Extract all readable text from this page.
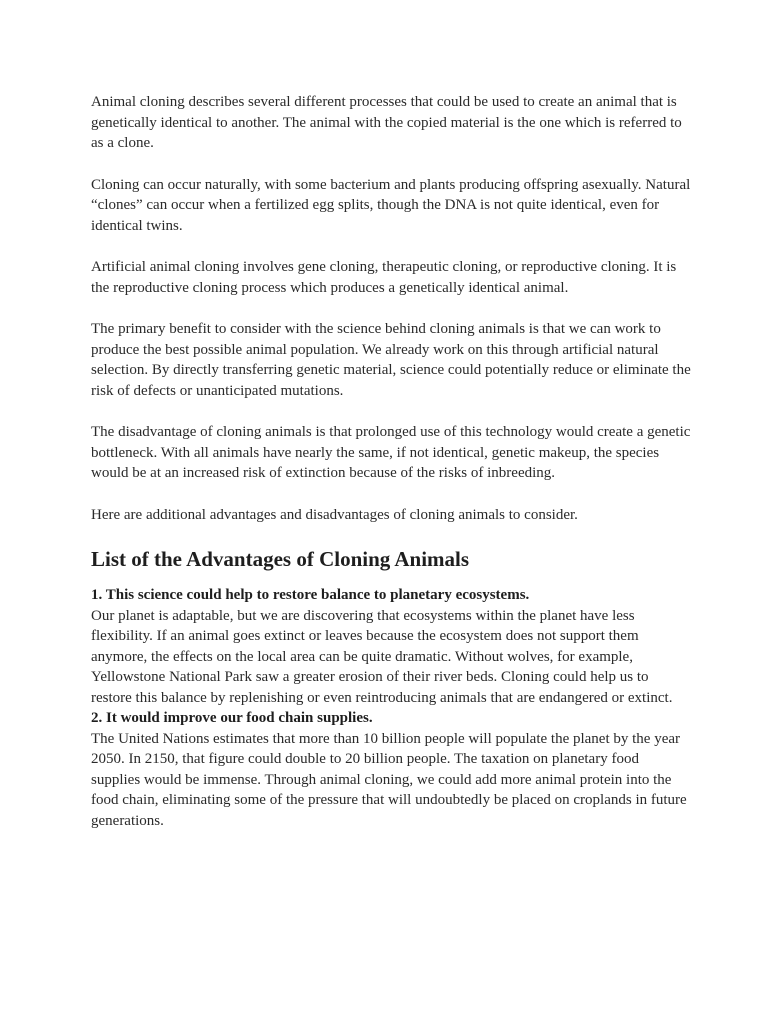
Animal cloning describes several different processes that could be used to create an animal that is genetically identical to another. The animal with the copied material is the one which is referred to as a clone.

Cloning can occur naturally, with some bacterium and plants producing offspring asexually. Natural “clones” can occur when a fertilized egg splits, though the DNA is not quite identical, even for identical twins.

Artificial animal cloning involves gene cloning, therapeutic cloning, or reproductive cloning. It is the reproductive cloning process which produces a genetically identical animal.

The primary benefit to consider with the science behind cloning animals is that we can work to produce the best possible animal population. We already work on this through artificial natural selection. By directly transferring genetic material, science could potentially reduce or eliminate the risk of defects or unanticipated mutations.

The disadvantage of cloning animals is that prolonged use of this technology would create a genetic bottleneck. With all animals have nearly the same, if not identical, genetic makeup, the species would be at an increased risk of extinction because of the risks of inbreeding.

Here are additional advantages and disadvantages of cloning animals to consider.

List of the Advantages of Cloning Animals

1. This science could help to restore balance to planetary ecosystems.

Our planet is adaptable, but we are discovering that ecosystems within the planet have less flexibility. If an animal goes extinct or leaves because the ecosystem does not support them anymore, the effects on the local area can be quite dramatic. Without wolves, for example, Yellowstone National Park saw a greater erosion of their river beds. Cloning could help us to restore this balance by replenishing or even reintroducing animals that are endangered or extinct.

2. It would improve our food chain supplies.

The United Nations estimates that more than 10 billion people will populate the planet by the year 2050. In 2150, that figure could double to 20 billion people. The taxation on planetary food supplies would be immense. Through animal cloning, we could add more animal protein into the food chain, eliminating some of the pressure that will undoubtedly be placed on croplands in future generations.
